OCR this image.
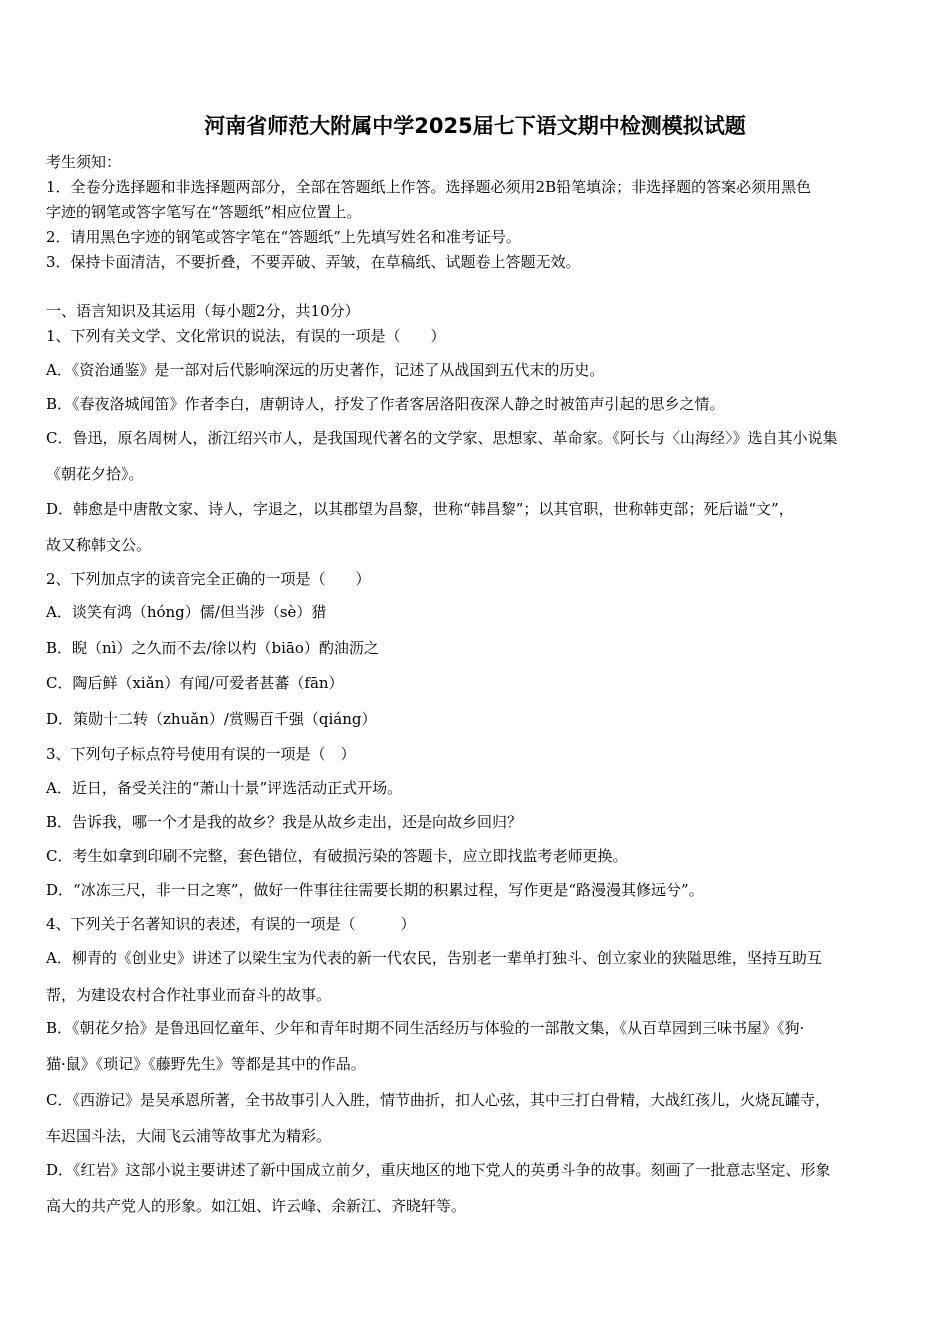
河南省师范大附属中学2025届七下语文期中检测模拟试题
考生须知：
1．全卷分选择题和非选择题两部分，全部在答题纸上作答。选择题必须用2B铅笔填涂；非选择题的答案必须用黑色
字迹的钢笔或答字笔写在“答题纸”相应位置上。
2．请用黑色字迹的钢笔或答字笔在“答题纸”上先填写姓名和准考证号。
3．保持卡面清洁，不要折叠，不要弄破、弄皱，在草稿纸、试题卷上答题无效。
一、语言知识及其运用（每小题2分，共10分）
1、下列有关文学、文化常识的说法，有误的一项是（　　）
A．《资治通鉴》是一部对后代影响深远的历史著作，记述了从战国到五代末的历史。
B．《春夜洛城闻笛》作者李白，唐朝诗人，抒发了作者客居洛阳夜深人静之时被笛声引起的思乡之情。
C．鲁迅，原名周树人，浙江绍兴市人，是我国现代著名的文学家、思想家、革命家。《阿长与〈山海经〉》选自其小说集
《朝花夕拾》。
D．韩愈是中唐散文家、诗人，字退之，以其郡望为昌黎，世称“韩昌黎”；以其官职，世称韩吏部；死后谥“文”，
故又称韩文公。
2、下列加点字的读音完全正确的一项是（　　）
A．谈笑有鸿（hóng）儒/但当涉（sè）猎
B．睨（nì）之久而不去/徐以杓（biāo）酌油沥之
C．陶后鲜（xiǎn）有闻/可爱者甚蕃（fān）
D．策勋十二转（zhuǎn）/赏赐百千强（qiáng）
3、下列句子标点符号使用有误的一项是（　）
A．近日，备受关注的“萧山十景”评选活动正式开场。
B．告诉我，哪一个才是我的故乡？我是从故乡走出，还是向故乡回归？
C．考生如拿到印刷不完整，套色错位，有破损污染的答题卡，应立即找监考老师更换。
D．“冰冻三尺，非一日之寒”，做好一件事往往需要长期的积累过程，写作更是“路漫漫其修远兮”。
4、下列关于名著知识的表述，有误的一项是（　　　）
A．柳青的《创业史》讲述了以梁生宝为代表的新一代农民，告别老一辈单打独斗、创立家业的狭隘思维，坚持互助互
帮，为建设农村合作社事业而奋斗的故事。
B．《朝花夕拾》是鲁迅回忆童年、少年和青年时期不同生活经历与体验的一部散文集，《从百草园到三味书屋》《狗·
猫·鼠》《琐记》《藤野先生》等都是其中的作品。
C．《西游记》是吴承恩所著，全书故事引人入胜，情节曲折，扣人心弦，其中三打白骨精，大战红孩儿，火烧瓦罐寺，
车迟国斗法，大闹飞云浦等故事尤为精彩。
D．《红岩》这部小说主要讲述了新中国成立前夕，重庆地区的地下党人的英勇斗争的故事。刻画了一批意志坚定、形象
高大的共产党人的形象。如江姐、许云峰、余新江、齐晓轩等。
